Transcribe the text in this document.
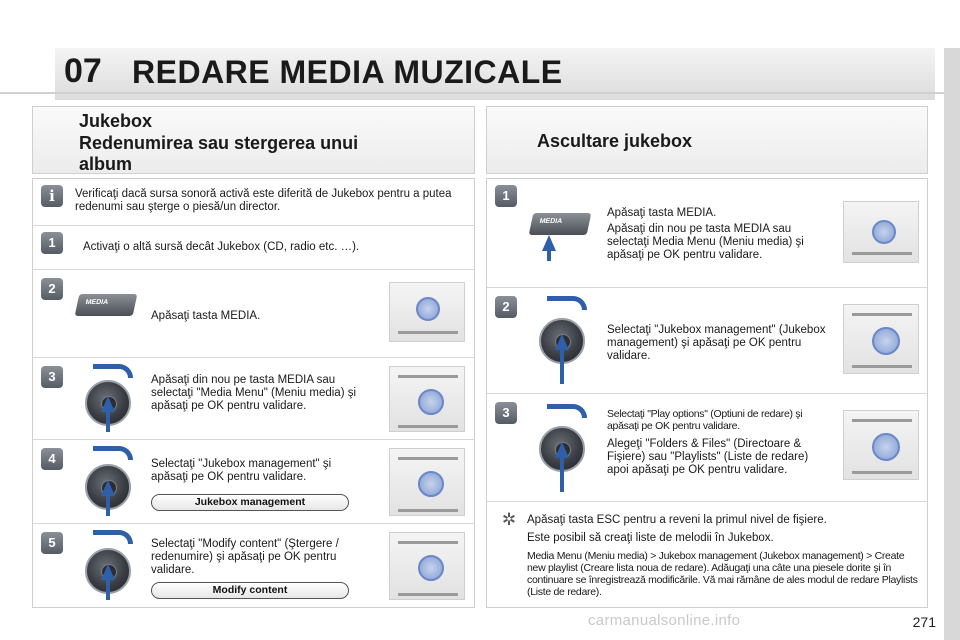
07 REDARE MEDIA MUZICALE
Jukebox
Redenumirea sau stergerea unui album
i	Verificaţi dacă sursa sonoră activă este diferită de Jukebox pentru a putea redenumi sau şterge o piesă/un director.
1	Activaţi o altă sursă decât Jukebox (CD, radio etc. …).
2
MEDIA
Apăsaţi tasta MEDIA.
3	Apăsaţi din nou pe tasta MEDIA sau selectaţi "Media Menu" (Meniu media) şi apăsaţi pe OK pentru validare.
4	Selectaţi "Jukebox management" şi apăsaţi pe OK pentru validare.
Jukebox management
5	Selectaţi "Modify content" (Ştergere / redenumire) şi apăsaţi pe OK pentru validare.
Modify content
Ascultare jukebox
1
MEDIA
Apăsaţi tasta MEDIA.
Apăsaţi din nou pe tasta MEDIA sau selectaţi Media Menu (Meniu media) şi apăsaţi pe OK pentru validare.
2
Selectaţi "Jukebox management" (Jukebox management) şi apăsaţi pe OK pentru validare.
3	Selectaţi "Play options" (Optiuni de redare) şi apăsaţi pe OK pentru validare.
Alegeţi "Folders & Files" (Directoare & Fişiere) sau "Playlists" (Liste de redare) apoi apăsaţi pe OK pentru validare.
✲ Apăsaţi tasta ESC pentru a reveni la primul nivel de fişiere.
Este posibil să creaţi liste de melodii în Jukebox.
Media Menu (Meniu media) > Jukebox management (Jukebox management) > Create new playlist (Creare lista noua de redare). Adăugaţi una câte una piesele dorite şi în continuare se înregistrează modificările. Vă mai rămâne de ales modul de redare Playlists (Liste de redare).
carmanualsonline.info	271
